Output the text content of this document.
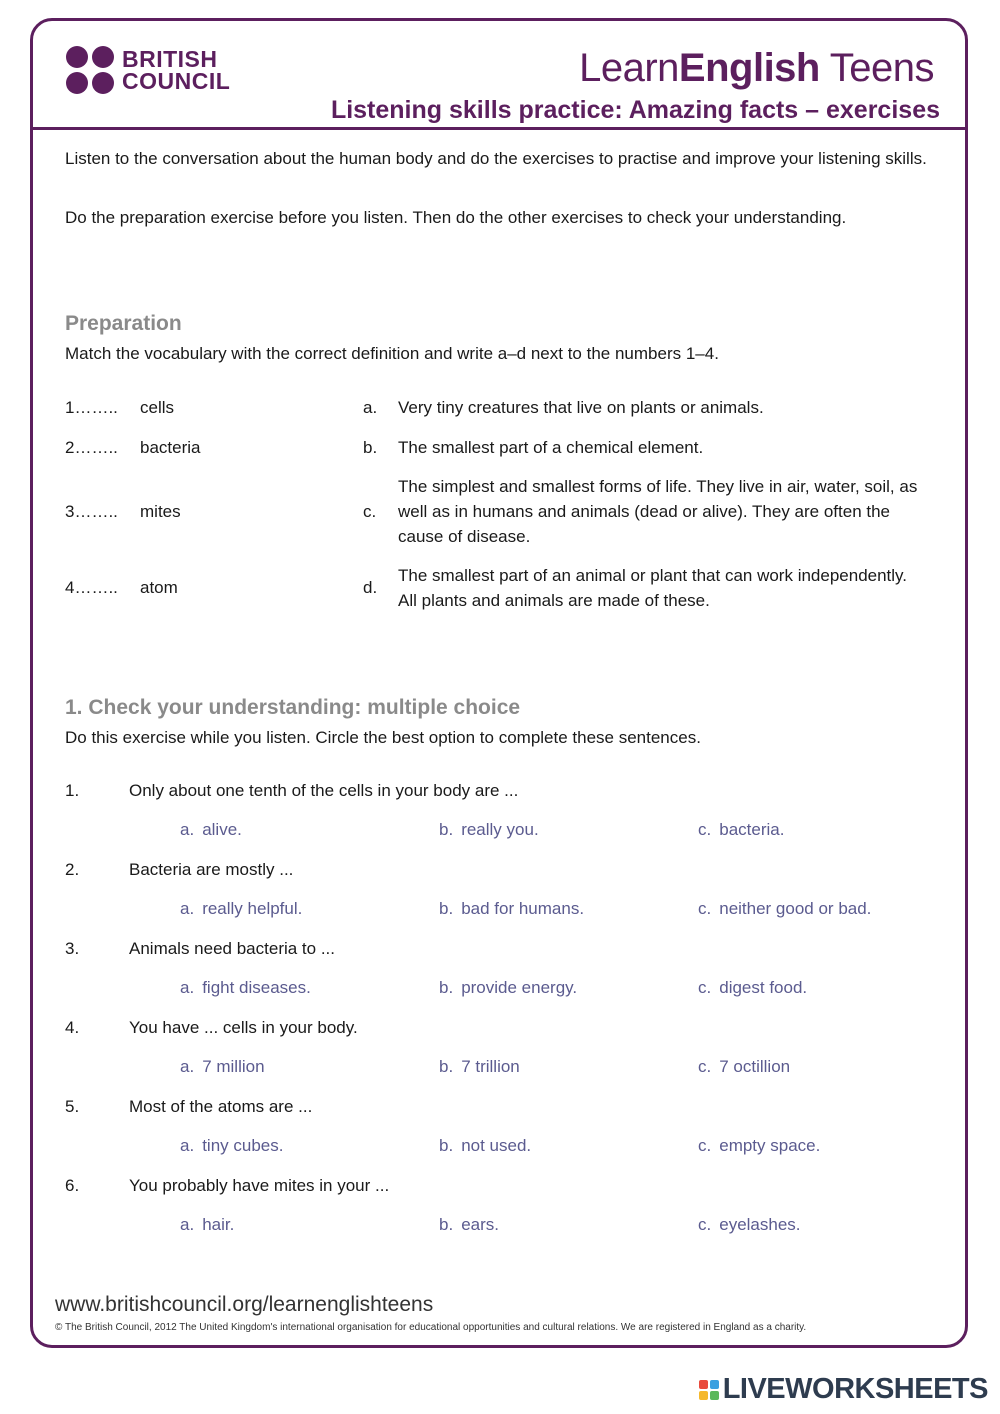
BRITISH
COUNCIL	LearnEnglish Teens
Listening skills practice: Amazing facts – exercises

Listen to the conversation about the human body and do the exercises to practise and improve your listening skills.

Do the preparation exercise before you listen. Then do the other exercises to check your understanding.

Preparation

Match the vocabulary with the correct definition and write a–d next to the numbers 1–4.

1……..	cells	a.	Very tiny creatures that live on plants or animals.
2……..	bacteria	b.	The smallest part of a chemical element.
3……..	mites	c.
The simplest and smallest forms of life. They live in air, water, soil, as well as in humans and animals (dead or alive). They are often the cause of disease.
4……..	atom	d.
The smallest part of an animal or plant that can work independently. All plants and animals are made of these.
1. Check your understanding: multiple choice

Do this exercise while you listen. Circle the best option to complete these sentences.

1.	Only about one tenth of the cells in your body are ...
a. alive.	b. really you.	c. bacteria.
2.	Bacteria are mostly ...
a. really helpful.	b. bad for humans.	c. neither good or bad.
3.	Animals need bacteria to ...
a. fight diseases.	b. provide energy.	c. digest food.
4.	You have ... cells in your body.
a. 7 million	b. 7 trillion	c. 7 octillion
5.	Most of the atoms are ...
a. tiny cubes.	b. not used.	c. empty space.
6.	You probably have mites in your ...
a. hair.	b. ears.	c. eyelashes.
www.britishcouncil.org/learnenglishteens
© The British Council, 2012 The United Kingdom's international organisation for educational opportunities and cultural relations. We are registered in England as a charity.
LIVEWORKSHEETS
